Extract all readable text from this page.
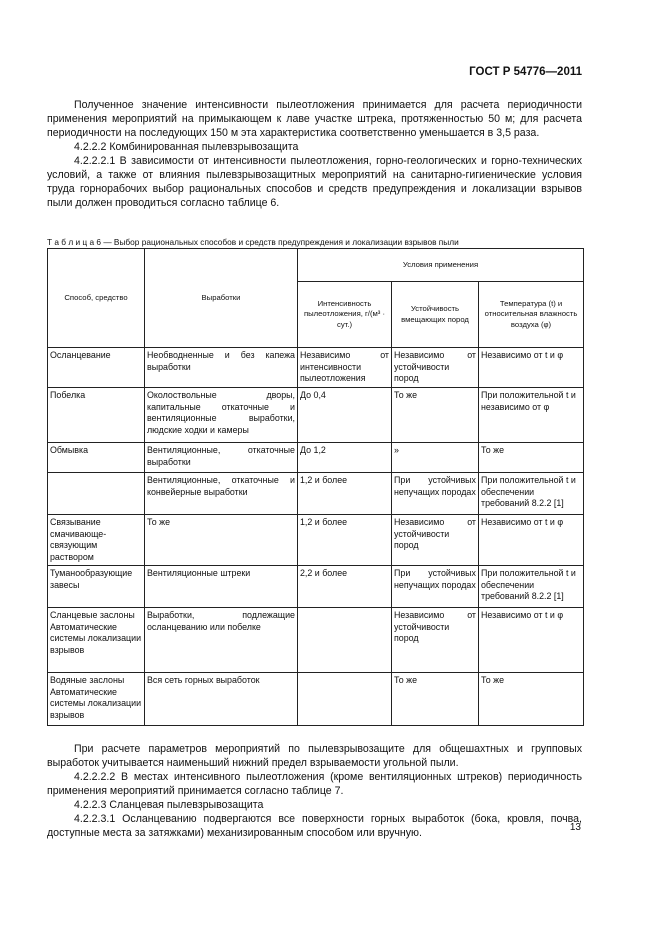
ГОСТ Р 54776—2011

Полученное значение интенсивности пылеотложения принимается для расчета периодичности применения мероприятий на примыкающем к лаве участке штрека, протяженностью 50 м; для расчета периодичности на последующих 150 м эта характеристика соответственно уменьшается в 3,5 раза.

4.2.2.2 Комбинированная пылевзрывозащита

4.2.2.2.1 В зависимости от интенсивности пылеотложения, горно-геологических и горно-технических условий, а также от влияния пылевзрывозащитных мероприятий на санитарно-гигиенические условия труда горнорабочих выбор рациональных способов и средств предупреждения и локализации взрывов пыли должен проводиться согласно таблице 6.

Т а б л и ц а 6 — Выбор рациональных способов и средств предупреждения и локализации взрывов пыли
Способ, средство	Выработки	Условия применения		
		Интенсивность пылеотложения, г/(м³ · сут.)	Устойчивость вмещающих пород	Температура (t) и относительная влажность воздуха (φ)
Осланцевание	Необводненные и без капежа выработки	Независимо от интенсивности пылеотложения	Независимо от устойчивости пород	Независимо от t и φ
Побелка	Околоствольные дворы, капитальные откаточные и вентиляционные выработки, людские ходки и камеры	До 0,4	То же	При положительной t и независимо от φ
Обмывка	Вентиляционные, откаточные выработки	До 1,2	»	То же
	Вентиляционные, откаточные и конвейерные выработки	1,2 и более	При устойчивых непучащих породах	При положительной t и обеспечении требований 8.2.2 [1]
Связывание смачивающе-связующим раствором	То же	1,2 и более	Независимо от устойчивости пород	Независимо от t и φ
Туманообразующие завесы	Вентиляционные штреки	2,2 и более	При устойчивых непучащих породах	При положительной t и обеспечении требований 8.2.2 [1]
Сланцевые заслоны Автоматические системы локализации взрывов	Выработки, подлежащие осланцеванию или побелке		Независимо от устойчивости пород	Независимо от t и φ
Водяные заслоны Автоматические системы локализации взрывов	Вся сеть горных выработок		То же	То же

При расчете параметров мероприятий по пылевзрывозащите для общешахтных и групповых выработок учитывается наименьший нижний предел взрываемости угольной пыли.

4.2.2.2.2 В местах интенсивного пылеотложения (кроме вентиляционных штреков) периодичность применения мероприятий принимается согласно таблице 7.

4.2.2.3 Сланцевая пылевзрывозащита

4.2.2.3.1 Осланцеванию подвергаются все поверхности горных выработок (бока, кровля, почва, доступные места за затяжками) механизированным способом или вручную.	13
